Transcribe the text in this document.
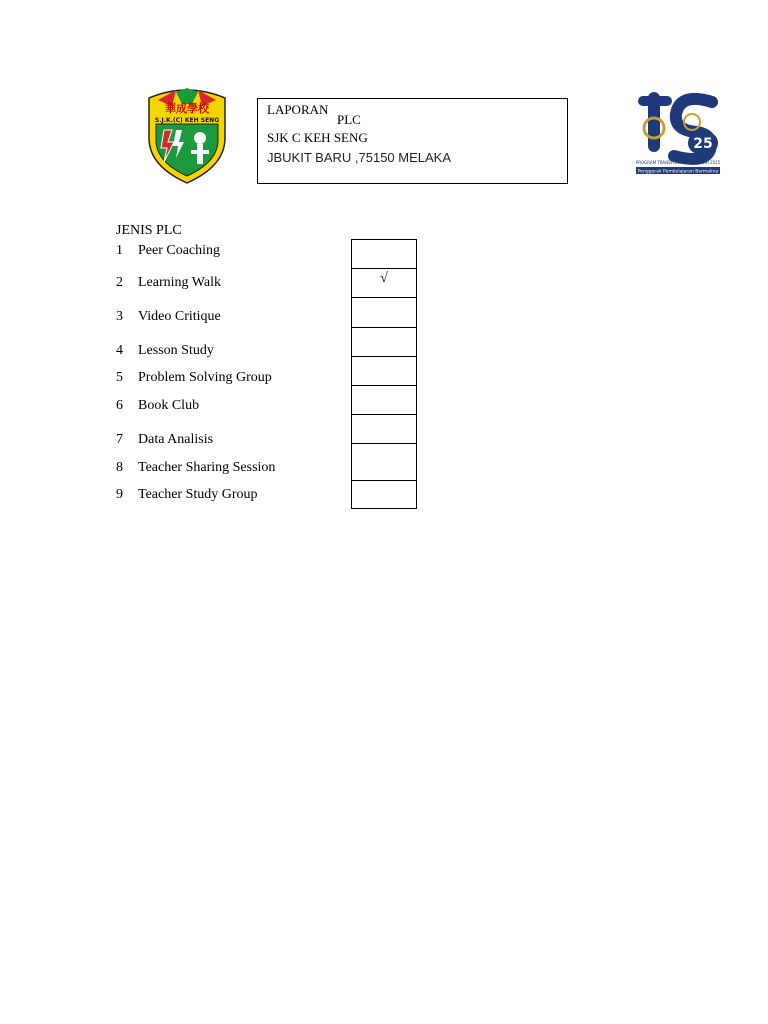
華成學校
S.J.K.(C) KEH SENG
25
PROGRAM TRANSFORMASI SEKOLAH 2025
Penggerak Pembelajaran Bermakna
LAPORAN
PLC
SJK C KEH SENG
JBUKIT BARU ,75150 MELAKA
JENIS PLC
1 Peer Coaching
2 Learning Walk	√
3 Video Critique
4 Lesson Study
5 Problem Solving Group
6 Book Club
7 Data Analisis
8 Teacher Sharing Session
9 Teacher Study Group
